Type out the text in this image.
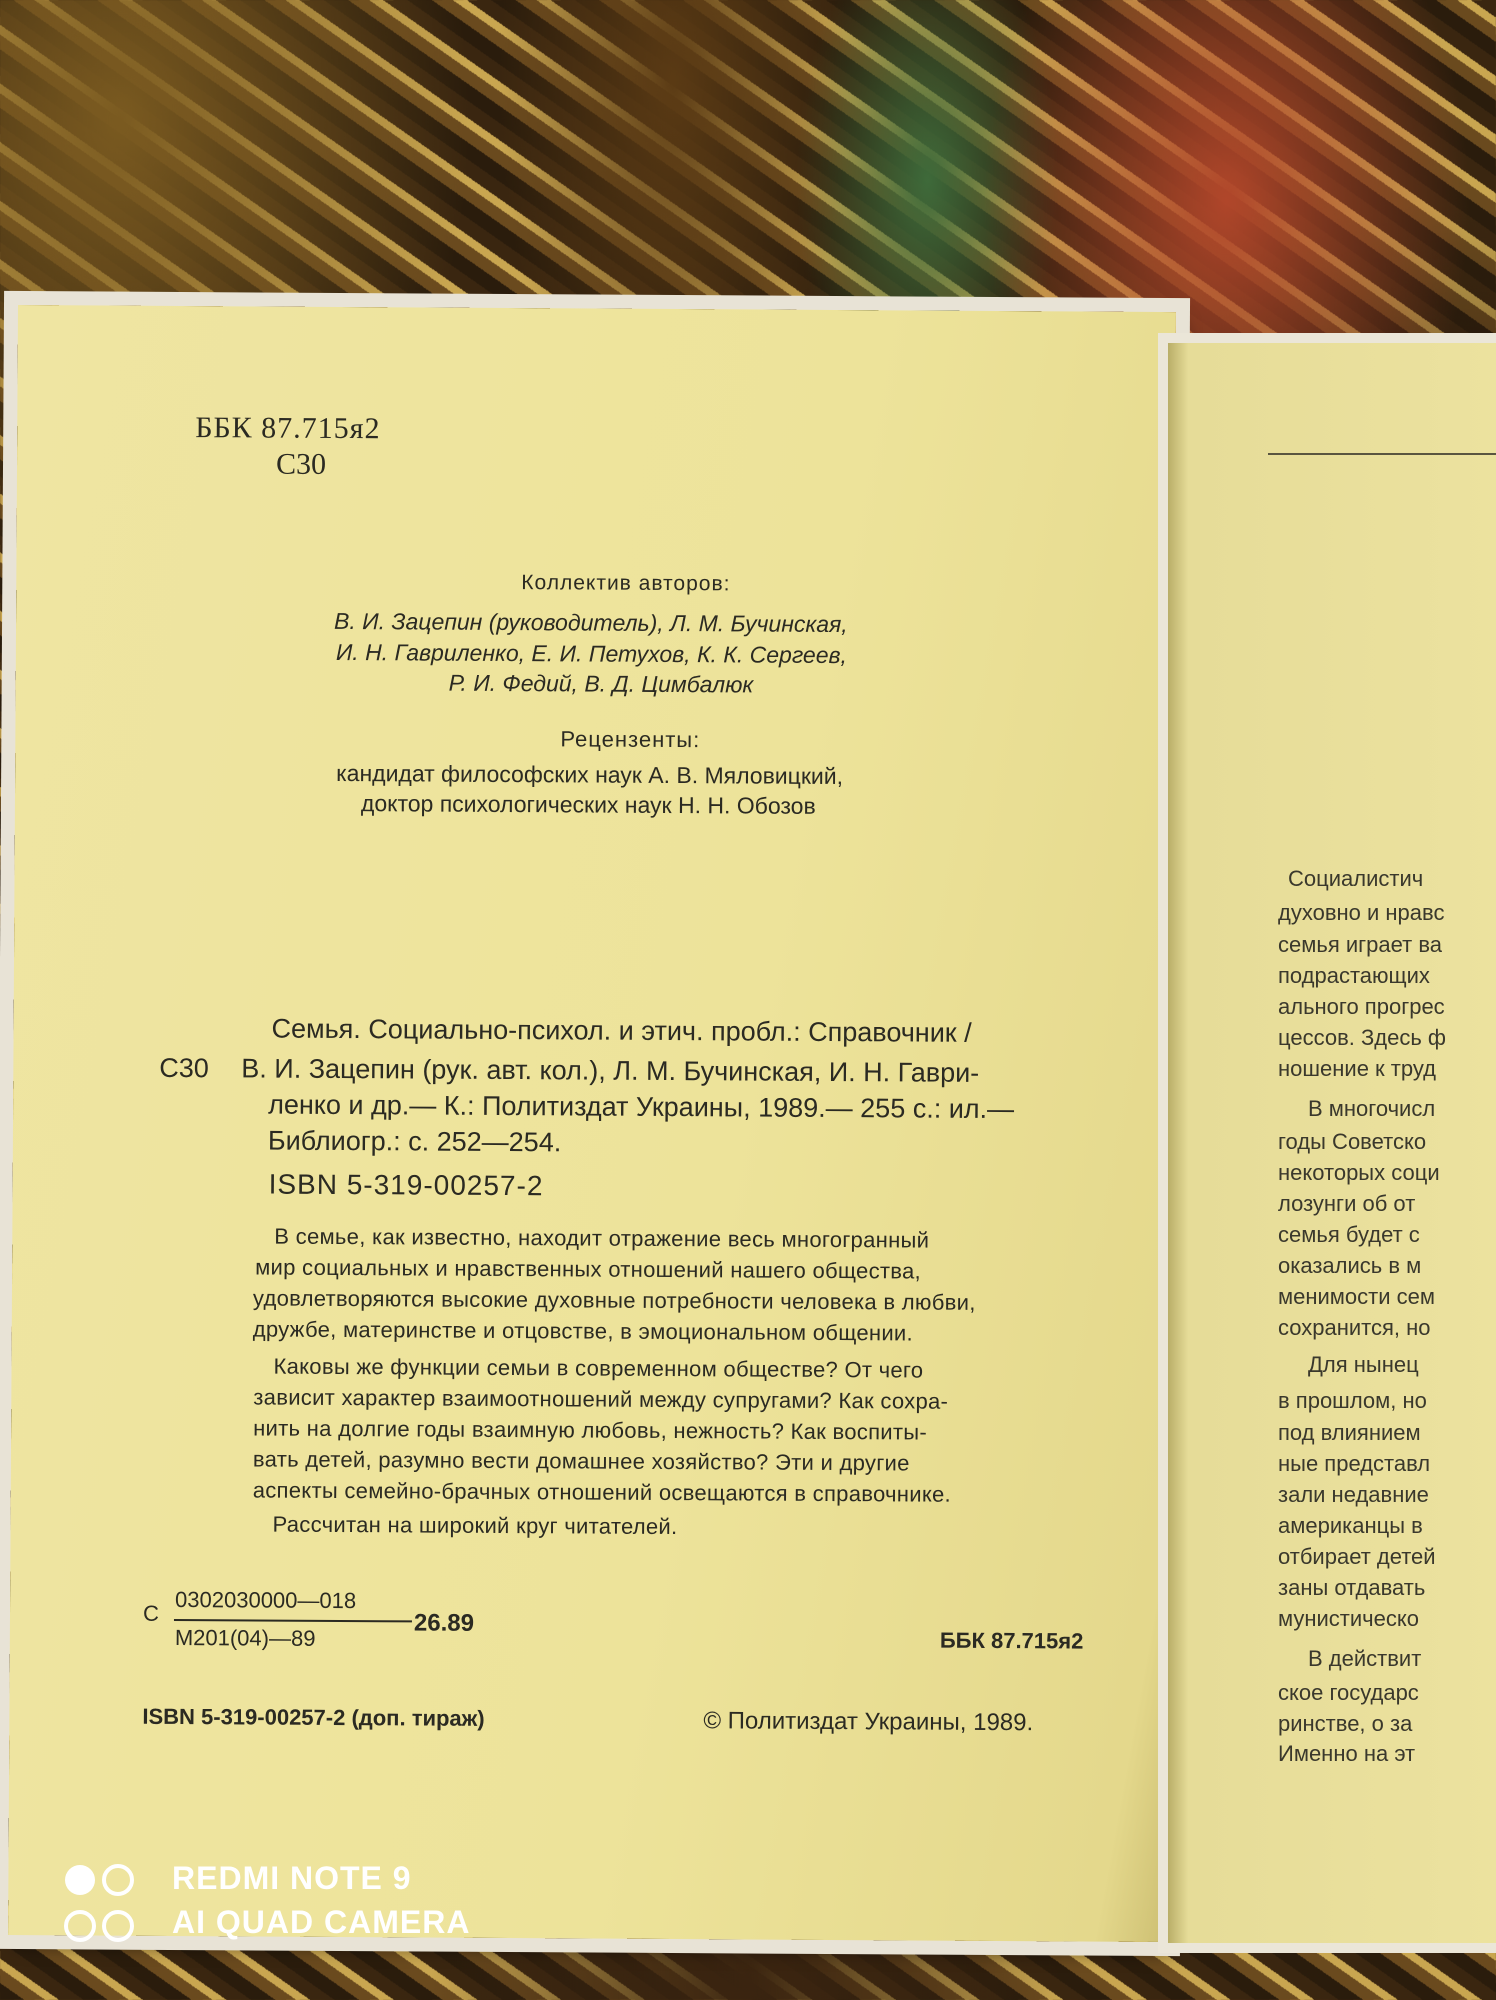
ББК 87.715я2
С30
Коллектив авторов:
В. И. Зацепин (руководитель), Л. М. Бучинская,
И. Н. Гавриленко, Е. И. Петухов, К. К. Сергеев,
Р. И. Федий, В. Д. Цимбалюк
Рецензенты:
кандидат философских наук А. В. Мяловицкий,
доктор психологических наук Н. Н. Обозов
С30
Семья. Социально-психол. и этич. пробл.: Справочник /
В. И. Зацепин (рук. авт. кол.), Л. М. Бучинская, И. Н. Гаври-
ленко и др.— К.: Политиздат Украины, 1989.— 255 с.: ил.—
Библиогр.: с. 252—254.
ISBN 5-319-00257-2
В семье, как известно, находит отражение весь многогранный
мир социальных и нравственных отношений нашего общества,
удовлетворяются высокие духовные потребности человека в любви,
дружбе, материнстве и отцовстве, в эмоциональном общении.
Каковы же функции семьи в современном обществе? От чего
зависит характер взаимоотношений между супругами? Как сохра-
нить на долгие годы взаимную любовь, нежность? Как воспиты-
вать детей, разумно вести домашнее хозяйство? Эти и другие
аспекты семейно-брачных отношений освещаются в справочнике.
Рассчитан на широкий круг читателей.
С
0302030000—018
М201(04)—89
26.89
ББК 87.715я2
ISBN 5-319-00257-2 (доп. тираж)	© Политиздат Украины, 1989.
Социалистич
духовно и нравс
семья играет ва
подрастающих
ального прогрес
цессов. Здесь ф
ношение к труд
В многочисл
годы Советско
некоторых соци
лозунги об от
семья будет с
оказались в м
менимости сем
сохранится, но
Для нынец
в прошлом, но
под влиянием
ные представл
зали недавние
американцы в
отбирает детей
заны отдавать
мунистическо
В действит
ское государс
ринстве, о за
Именно на эт
REDMI NOTE 9
AI QUAD CAMERA
